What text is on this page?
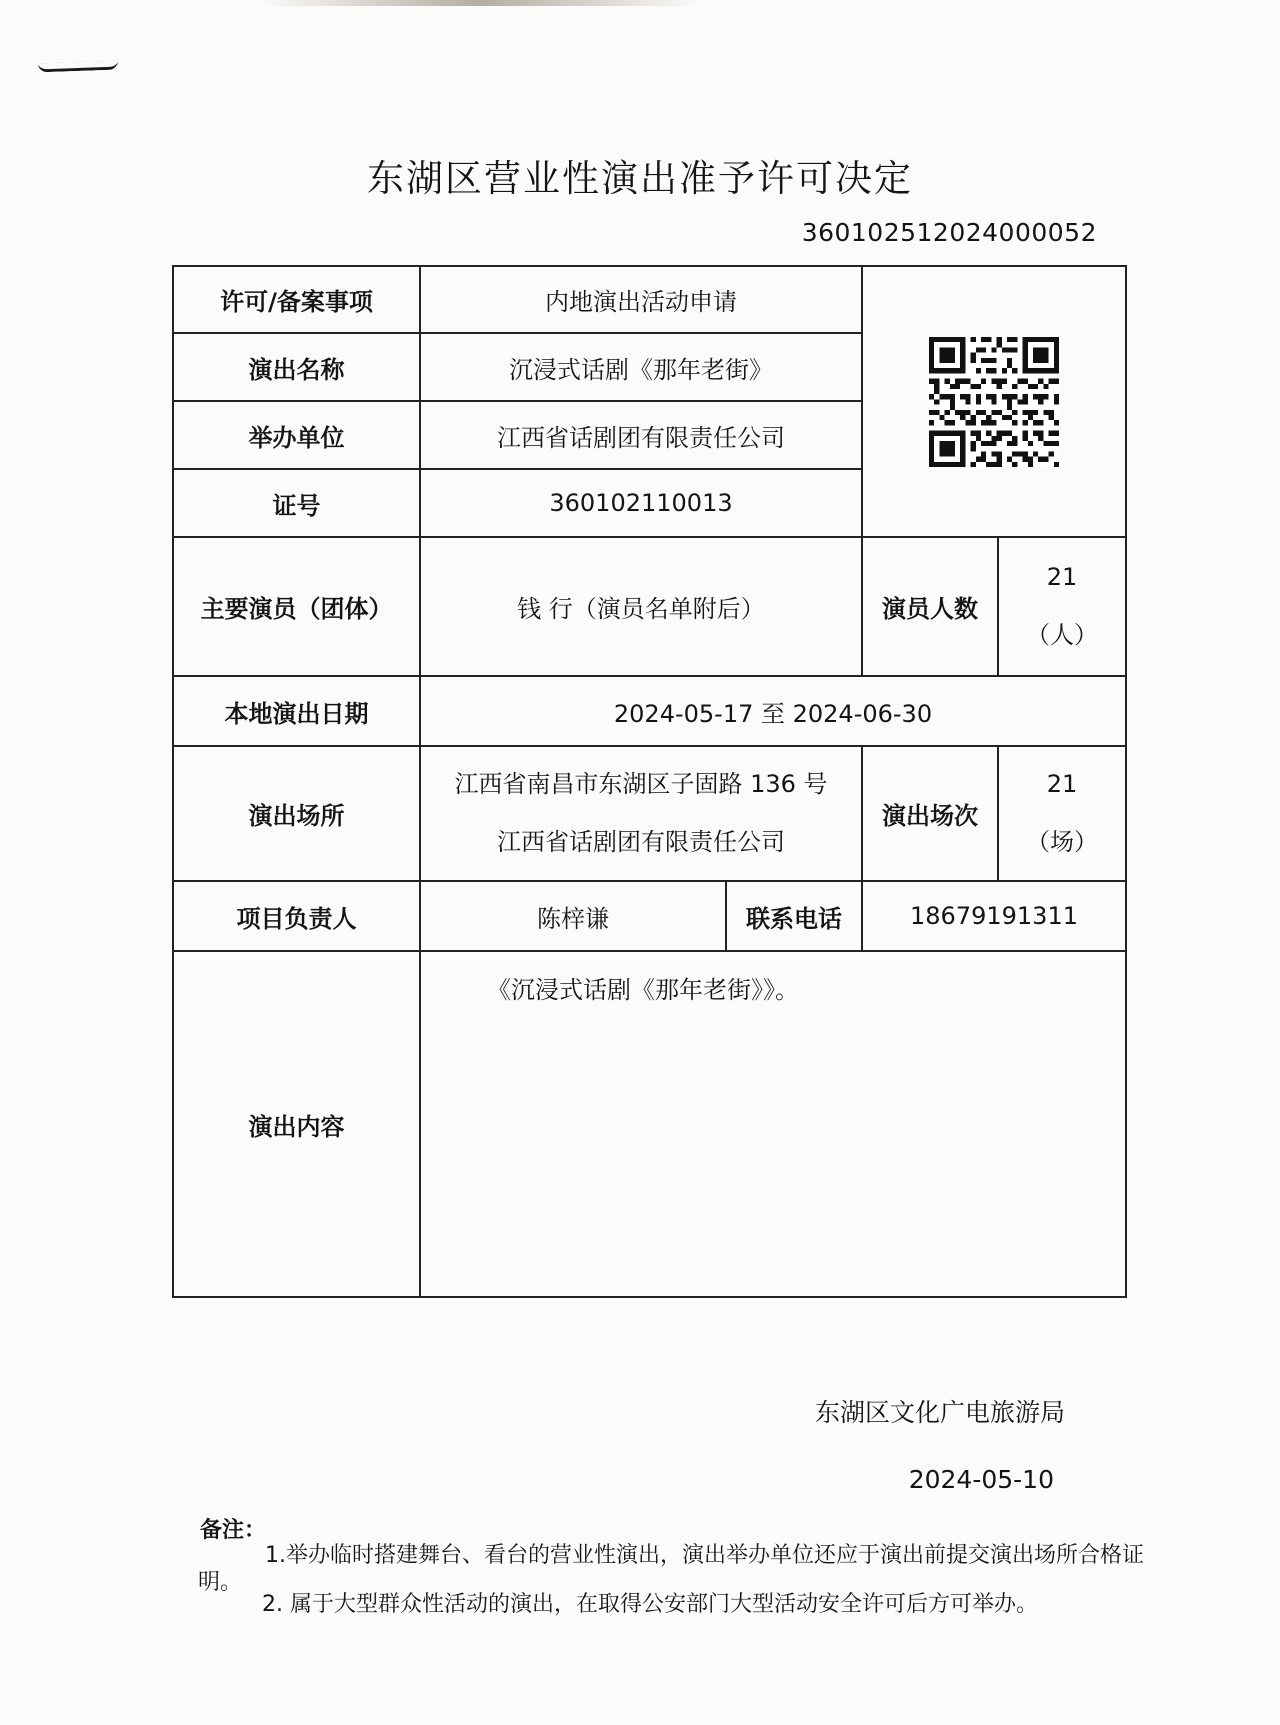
东湖区营业性演出准予许可决定
360102512024000052
许可/备案事项	内地演出活动申请	

演出名称	沉浸式话剧《那年老街》			
举办单位	江西省话剧团有限责任公司			
证号	360102110013			
主要演员（团体）	钱 行（演员名单附后）		演员人数	21
（人）

本地演出日期	2024-05-17 至 2024-06-30			
演出场所	江西省南昌市东湖区子固路 136 号
江西省话剧团有限责任公司		演出场次	21
（场）

项目负责人	陈梓谦	联系电话	18679191311	
演出内容	《沉浸式话剧《那年老街》》。			
东湖区文化广电旅游局
2024-05-10
备注：
1.举办临时搭建舞台、看台的营业性演出，演出举办单位还应于演出前提交演出场所合格证
明。
2. 属于大型群众性活动的演出，在取得公安部门大型活动安全许可后方可举办。
